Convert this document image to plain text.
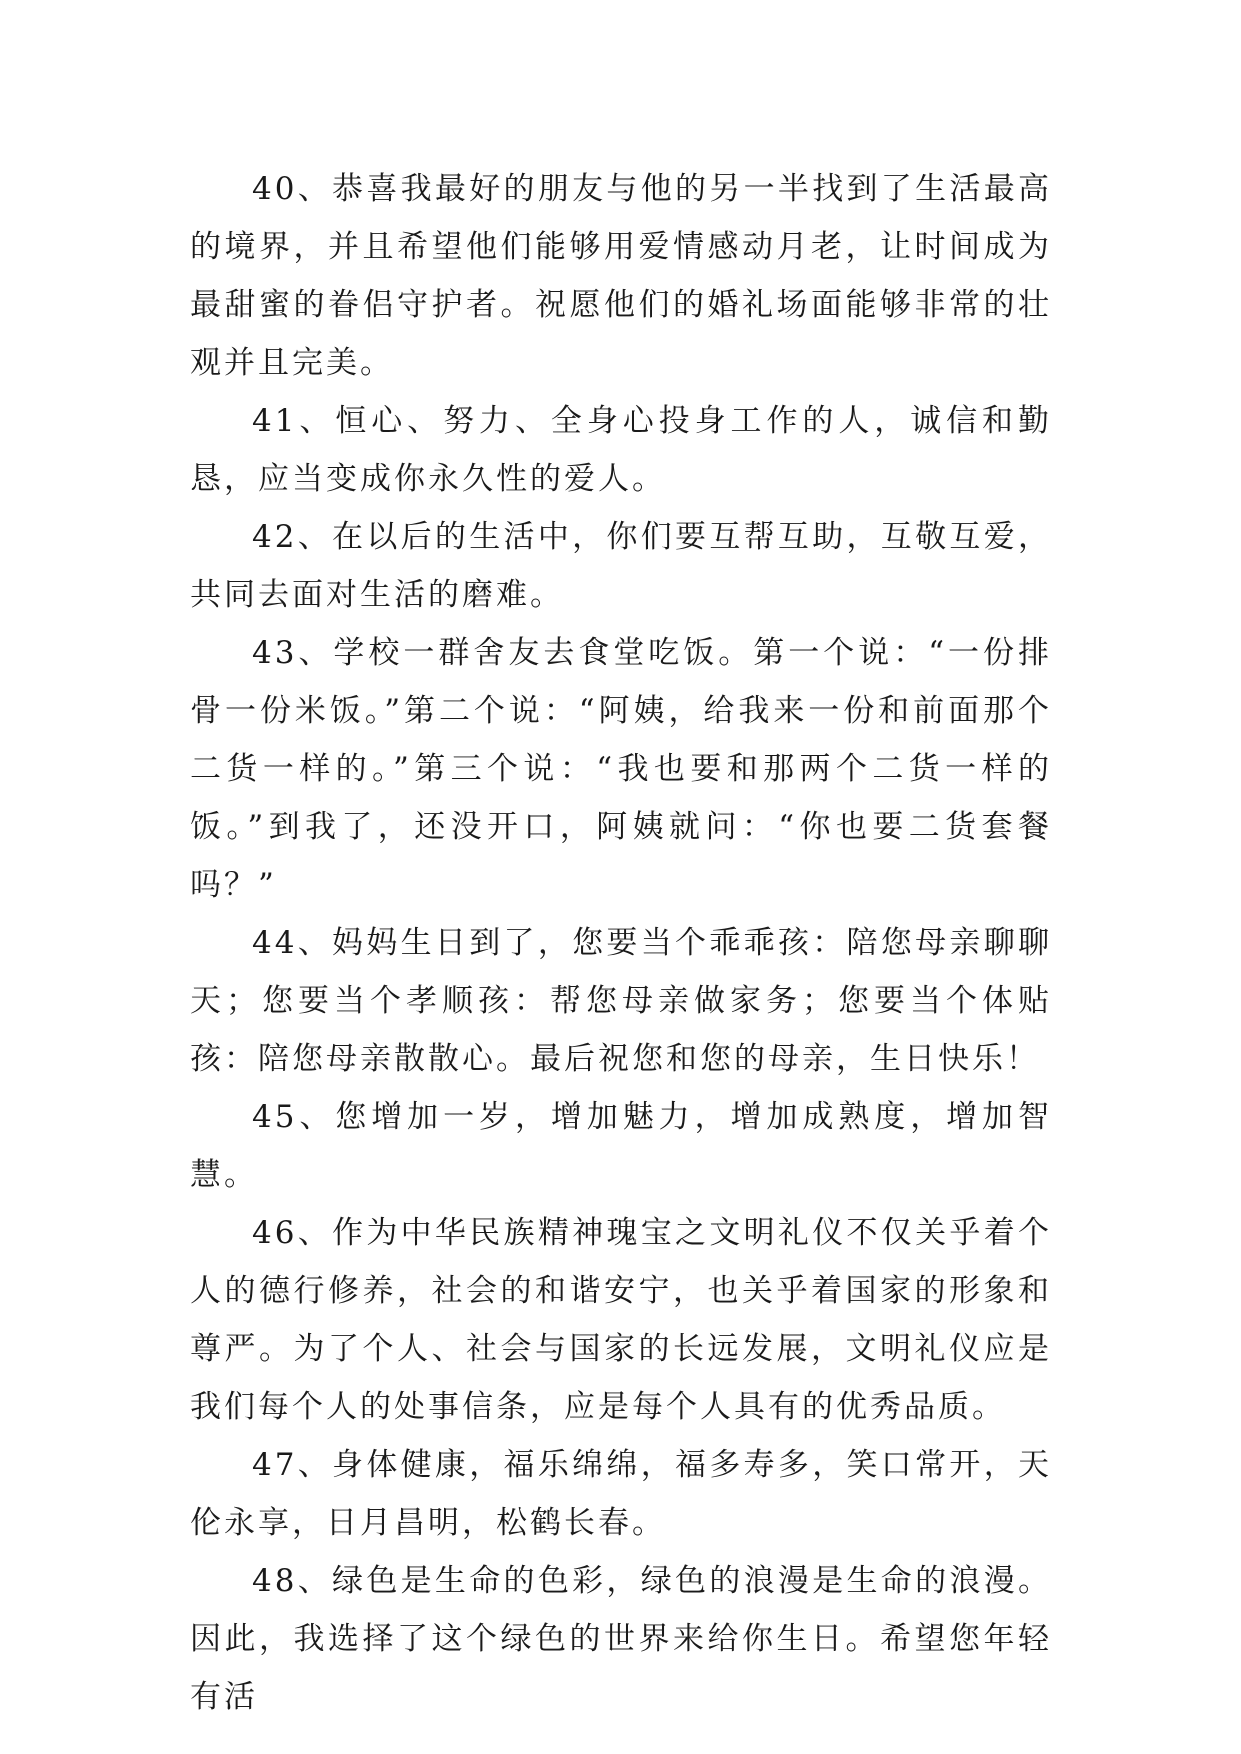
40、恭喜我最好的朋友与他的另一半找到了生活最高的境界，并且希望他们能够用爱情感动月老，让时间成为最甜蜜的眷侣守护者。祝愿他们的婚礼场面能够非常的壮观并且完美。

41、恒心、努力、全身心投身工作的人，诚信和勤恳，应当变成你永久性的爱人。

42、在以后的生活中，你们要互帮互助，互敬互爱，共同去面对生活的磨难。

43、学校一群舍友去食堂吃饭。第一个说：“一份排骨一份米饭。”第二个说：“阿姨，给我来一份和前面那个二货一样的。”第三个说：“我也要和那两个二货一样的饭。”到我了，还没开口，阿姨就问：“你也要二货套餐吗？”

44、妈妈生日到了，您要当个乖乖孩：陪您母亲聊聊天；您要当个孝顺孩：帮您母亲做家务；您要当个体贴孩：陪您母亲散散心。最后祝您和您的母亲，生日快乐！

45、您增加一岁，增加魅力，增加成熟度，增加智慧。

46、作为中华民族精神瑰宝之文明礼仪不仅关乎着个人的德行修养，社会的和谐安宁，也关乎着国家的形象和尊严。为了个人、社会与国家的长远发展，文明礼仪应是我们每个人的处事信条，应是每个人具有的优秀品质。

47、身体健康，福乐绵绵，福多寿多，笑口常开，天伦永享，日月昌明，松鹤长春。

48、绿色是生命的色彩，绿色的浪漫是生命的浪漫。因此，我选择了这个绿色的世界来给你生日。希望您年轻有活
